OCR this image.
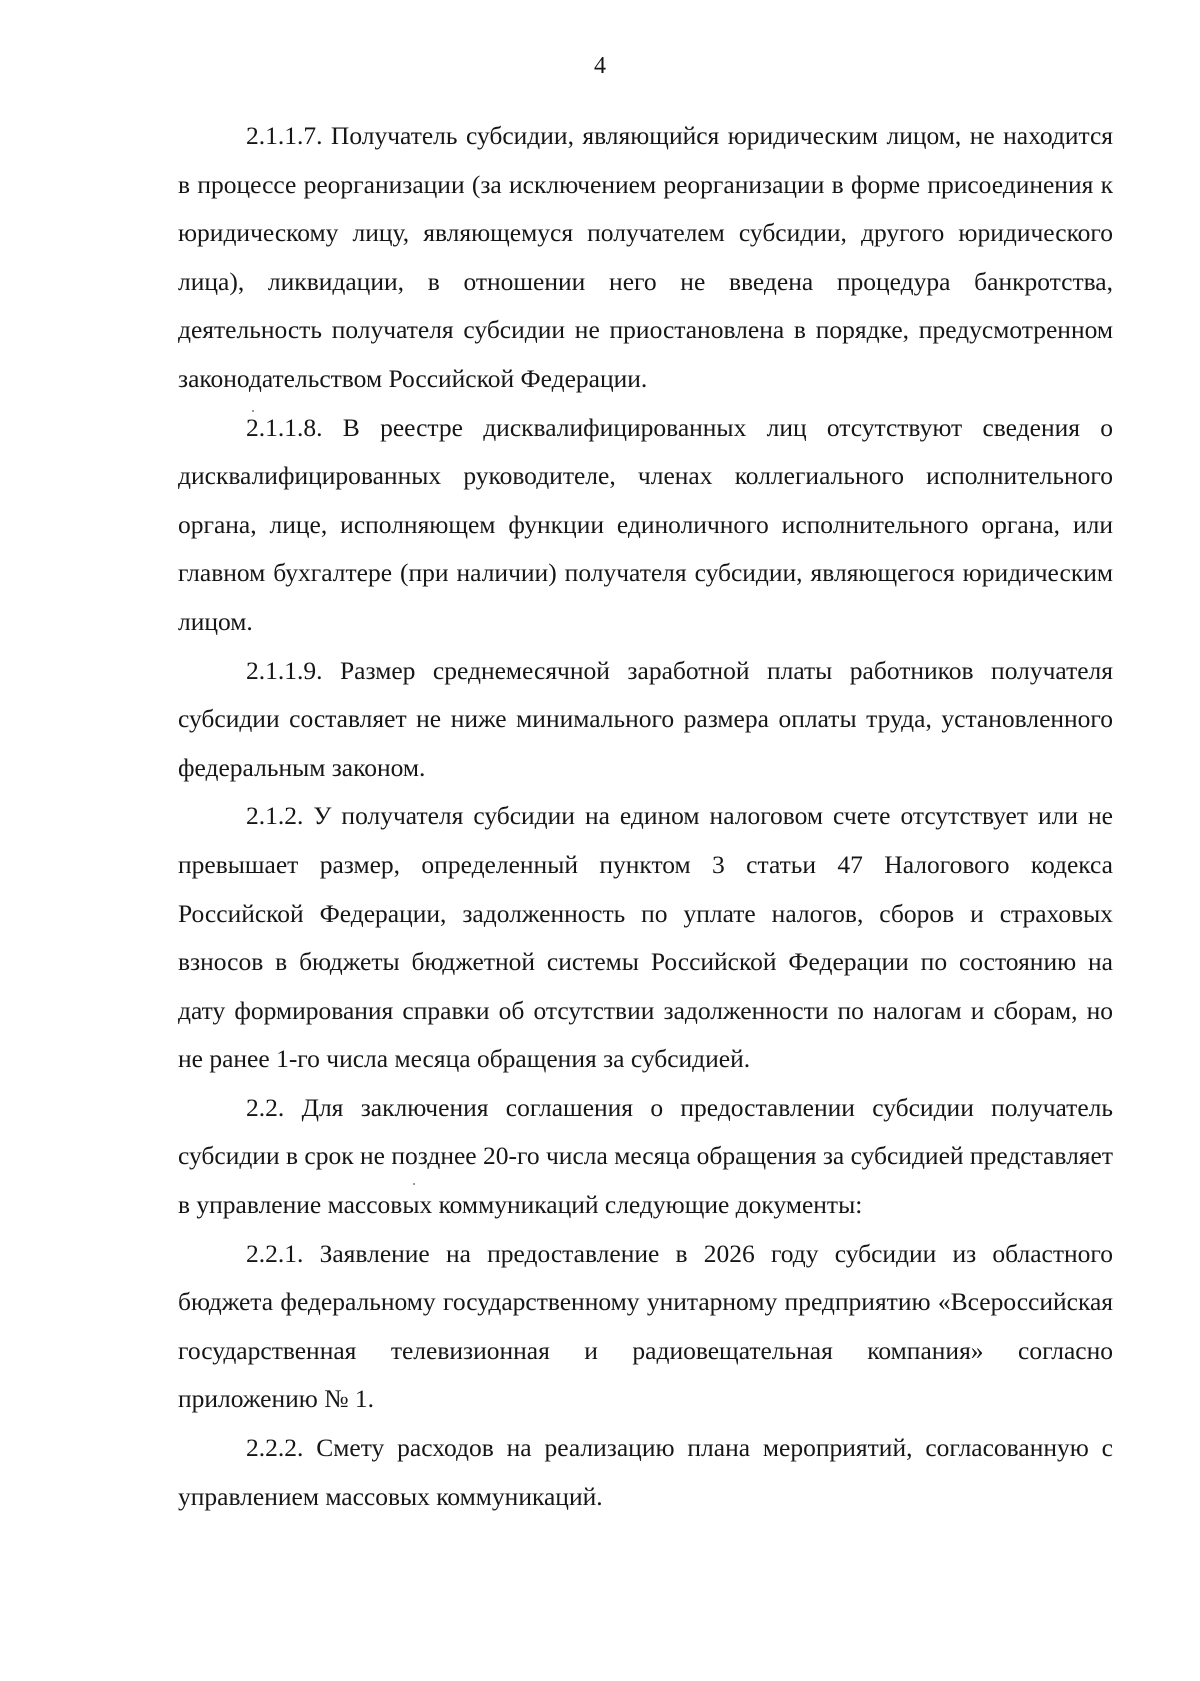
4

2.1.1.7. Получатель субсидии, являющийся юридическим лицом, не находится в процессе реорганизации (за исключением реорганизации в форме присоединения к юридическому лицу, являющемуся получателем субсидии, другого юридического лица), ликвидации, в отношении него не введена процедура банкротства, деятельность получателя субсидии не приостановлена в порядке, предусмотренном законодательством Российской Федерации.

2.1.1.8. В реестре дисквалифицированных лиц отсутствуют сведения о дисквалифицированных руководителе, членах коллегиального исполнительного органа, лице, исполняющем функции единоличного исполнительного органа, или главном бухгалтере (при наличии) получателя субсидии, являющегося юридическим лицом.

2.1.1.9. Размер среднемесячной заработной платы работников получателя субсидии составляет не ниже минимального размера оплаты труда, установленного федеральным законом.

2.1.2. У получателя субсидии на едином налоговом счете отсутствует или не превышает размер, определенный пунктом 3 статьи 47 Налогового кодекса Российской Федерации, задолженность по уплате налогов, сборов и страховых взносов в бюджеты бюджетной системы Российской Федерации по состоянию на дату формирования справки об отсутствии задолженности по налогам и сборам, но не ранее 1-го числа месяца обращения за субсидией.

2.2. Для заключения соглашения о предоставлении субсидии получатель субсидии в срок не позднее 20-го числа месяца обращения за субсидией представляет в управление массовых коммуникаций следующие документы:

2.2.1. Заявление на предоставление в 2026 году субсидии из областного бюджета федеральному государственному унитарному предприятию «Всероссийская государственная телевизионная и радиовещательная компания» согласно приложению № 1.

2.2.2. Смету расходов на реализацию плана мероприятий, согласованную с управлением массовых коммуникаций.
